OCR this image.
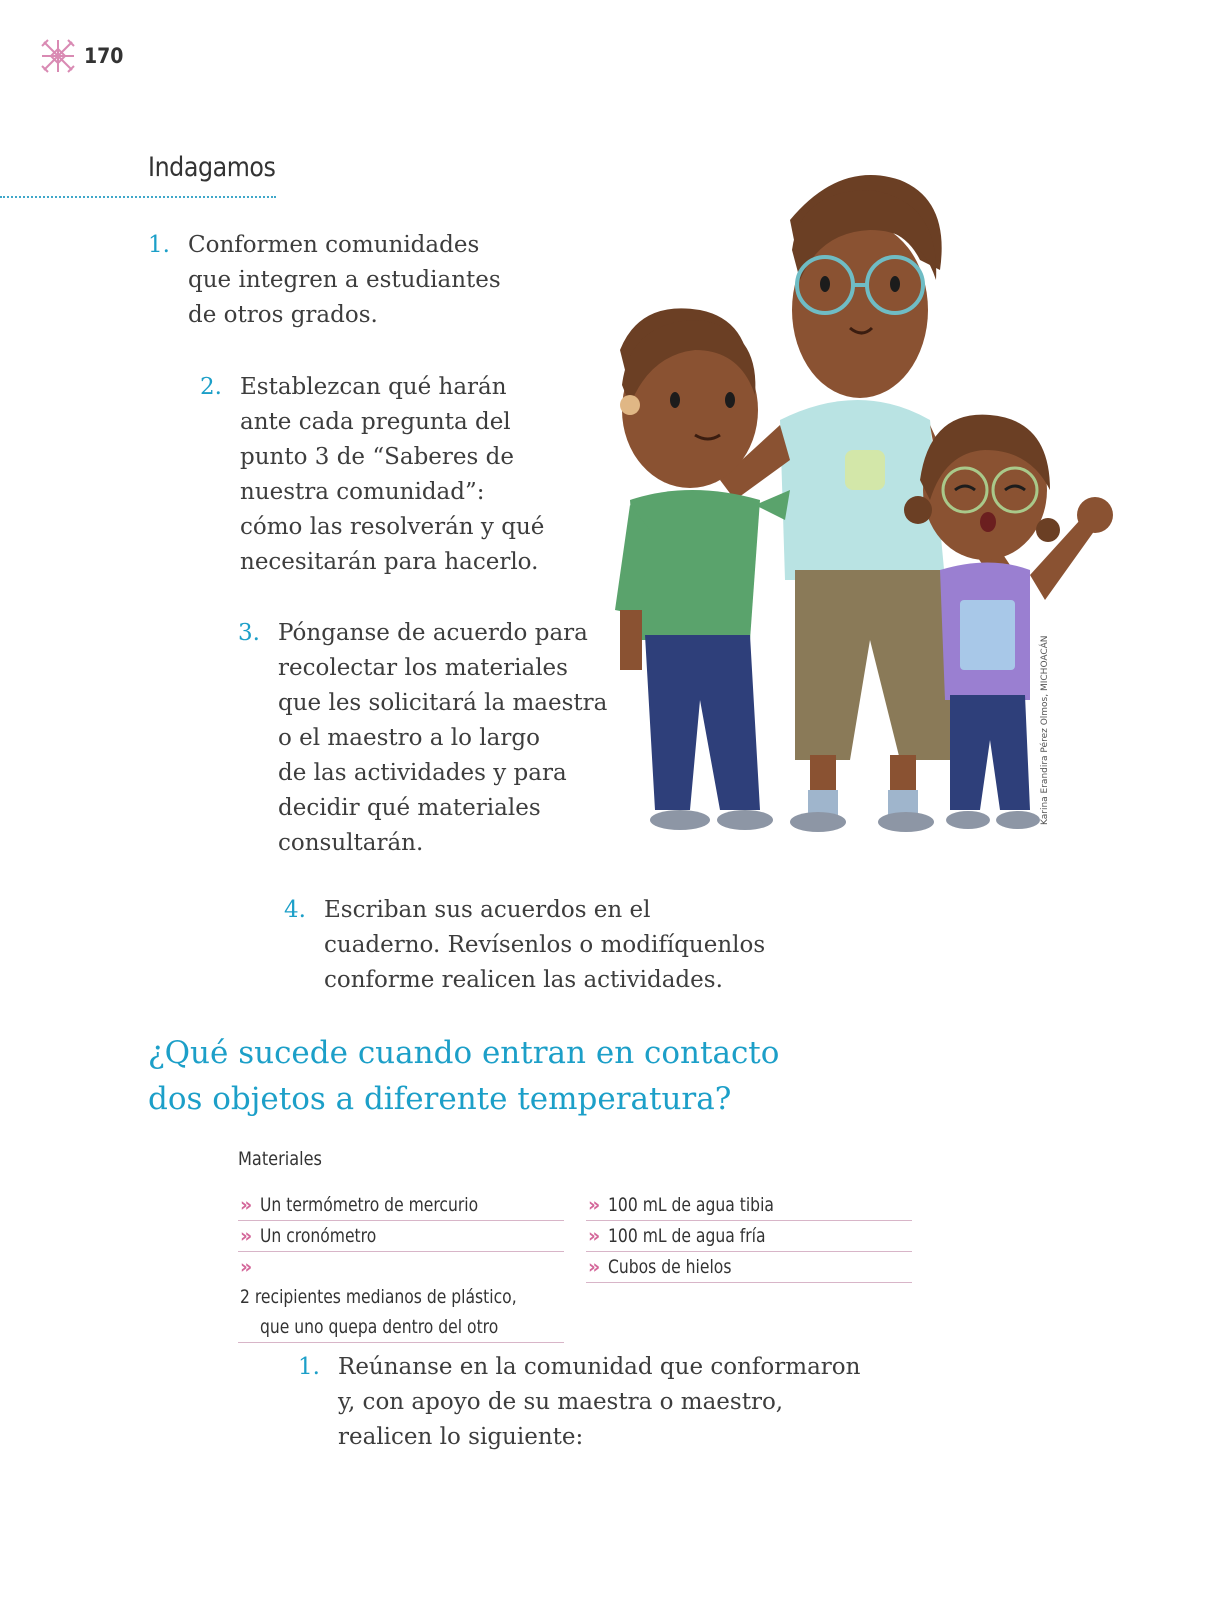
170
Indagamos
1. Conformen comunidades
que integren a estudiantes
de otros grados.
2. Establezcan qué harán
ante cada pregunta del
punto 3 de “Saberes de
nuestra comunidad”:
cómo las resolverán y qué
necesitarán para hacerlo.
3. Pónganse de acuerdo para
recolectar los materiales
que les solicitará la maestra
o el maestro a lo largo
de las actividades y para
decidir qué materiales
consultarán.
4. Escriban sus acuerdos en el
cuaderno. Revísenlos o modifíquenlos
conforme realicen las actividades.
Karina Erandira Pérez Olmos, MICHOACÁN
¿Qué sucede cuando entran en contacto
dos objetos a diferente temperatura?
Materiales
» Un termómetro de mercurio
» Un cronómetro
»2 recipientes medianos de plástico,
que uno quepa dentro del otro
» 100 mL de agua tibia
» 100 mL de agua fría
» Cubos de hielos
1. Reúnanse en la comunidad que conformaron
y, con apoyo de su maestra o maestro,
realicen lo siguiente:
